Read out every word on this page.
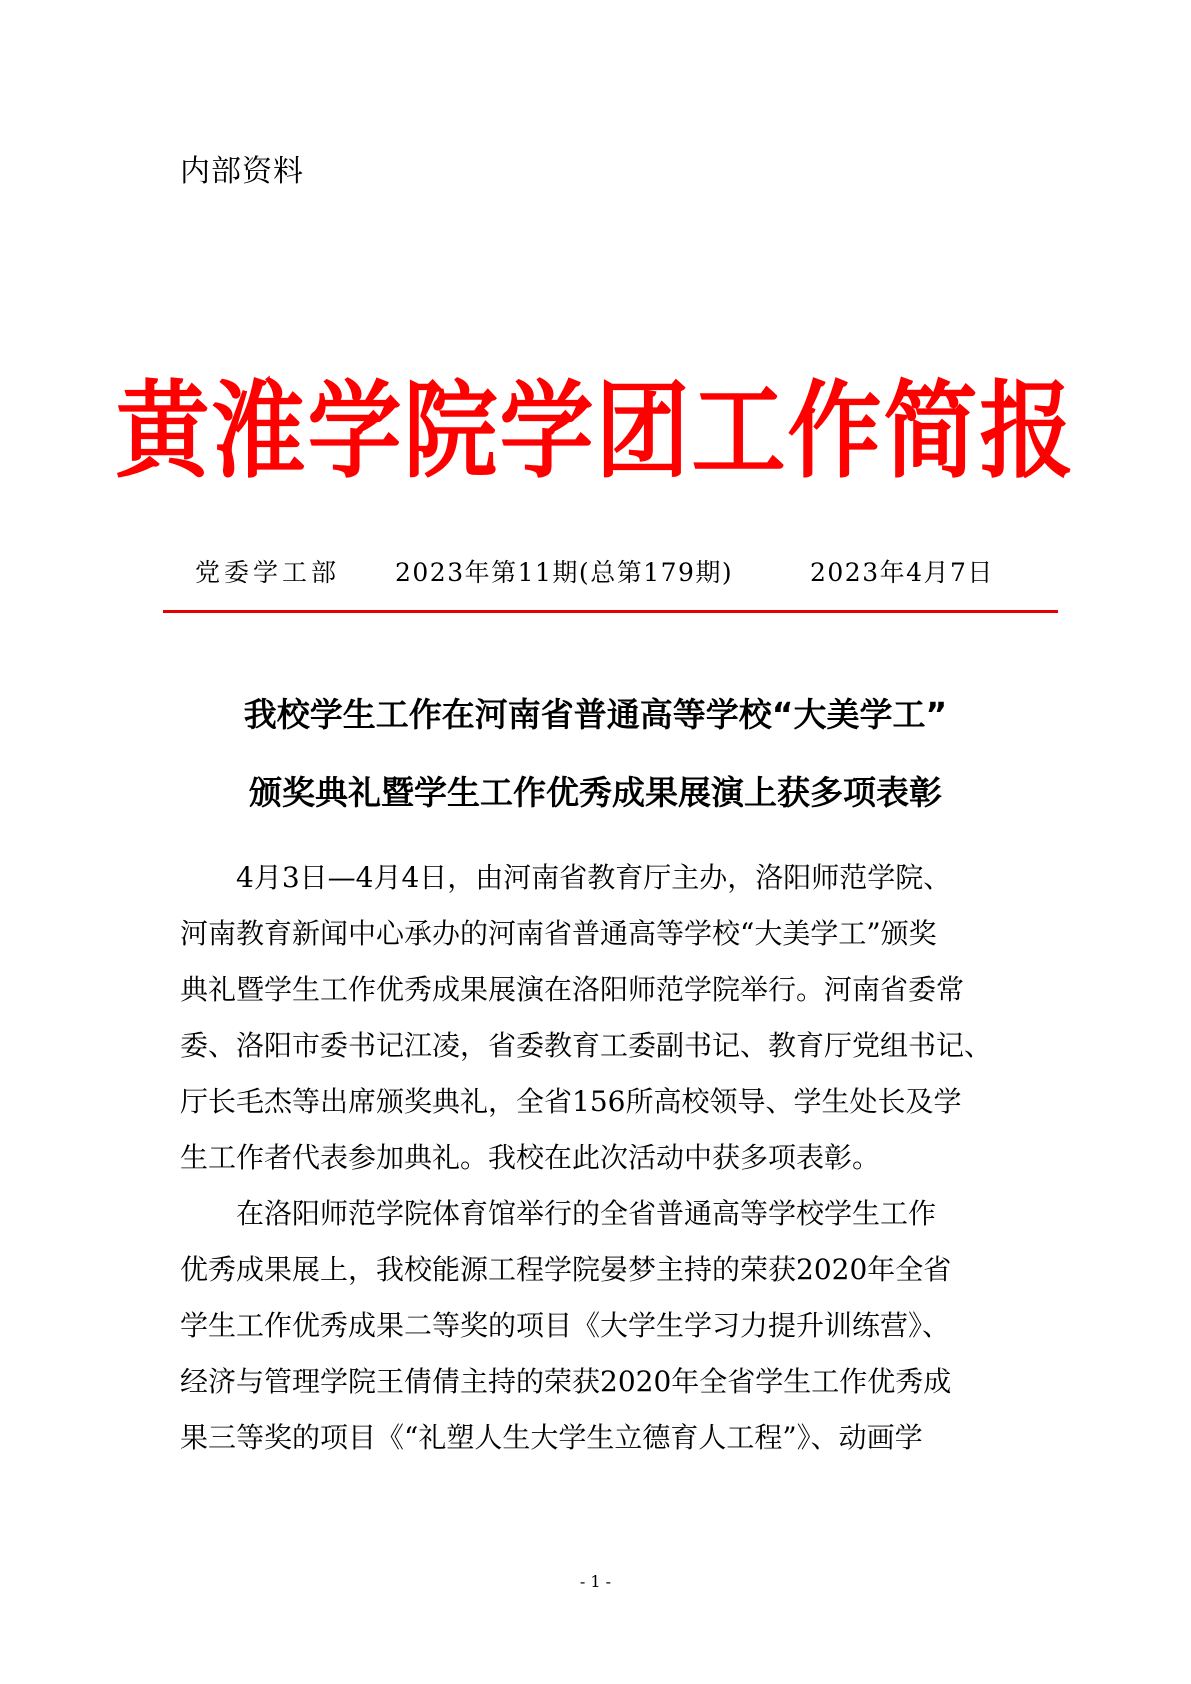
内部资料
黄淮学院学团工作简报
党委学工部 2023年第11期(总第179期)	2023年4月7日
我校学生工作在河南省普通高等学校“大美学工”
颁奖典礼暨学生工作优秀成果展演上获多项表彰
4月3日—4月4日，由河南省教育厅主办，洛阳师范学院、
河南教育新闻中心承办的河南省普通高等学校“大美学工”颁奖
典礼暨学生工作优秀成果展演在洛阳师范学院举行。河南省委常
委、洛阳市委书记江凌，省委教育工委副书记、教育厅党组书记、
厅长毛杰等出席颁奖典礼，全省156所高校领导、学生处长及学
生工作者代表参加典礼。我校在此次活动中获多项表彰。
在洛阳师范学院体育馆举行的全省普通高等学校学生工作
优秀成果展上，我校能源工程学院晏梦主持的荣获2020年全省
学生工作优秀成果二等奖的项目《大学生学习力提升训练营》、
经济与管理学院王倩倩主持的荣获2020年全省学生工作优秀成
果三等奖的项目《“礼塑人生大学生立德育人工程”》、动画学
- 1 -
